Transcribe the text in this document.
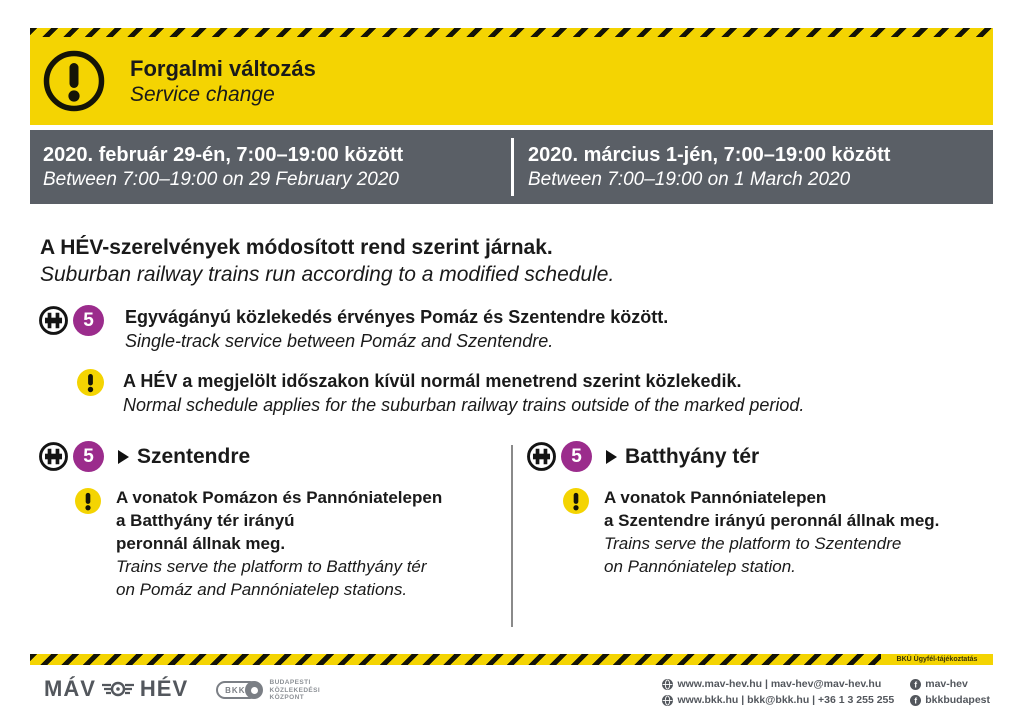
Forgalmi változás
Service change
2020. február 29-én, 7:00–19:00 között
Between 7:00–19:00 on 29 February 2020
2020. március 1-jén, 7:00–19:00 között
Between 7:00–19:00 on 1 March 2020
A HÉV-szerelvények módosított rend szerint járnak.
Suburban railway trains run according to a modified schedule.
5	Egyvágányú közlekedés érvényes Pomáz és Szentendre között.
Single-track service between Pomáz and Szentendre.
A HÉV a megjelölt időszakon kívül normál menetrend szerint közlekedik.
Normal schedule applies for the suburban railway trains outside of the marked period.
5	Szentendre
A vonatok Pomázon és Pannóniatelepen
a Batthyány tér irányú
peronnál állnak meg.
Trains serve the platform to Batthyány tér
on Pomáz and Pannóniatelep stations.
5	Batthyány tér
A vonatok Pannóniatelepen
a Szentendre irányú peronnál állnak meg.
Trains serve the platform to Szentendre
on Pannóniatelep station.
BKÜ Ügyfél-tájékoztatás
MÁV HÉV	BKK
BUDAPESTI
KÖZLEKEDÉSI
KÖZPONT
www.mav-hev.hu | mav-hev@mav-hev.hu
www.bkk.hu | bkk@bkk.hu | +36 1 3 255 255
f mav-hev
f bkkbudapest
